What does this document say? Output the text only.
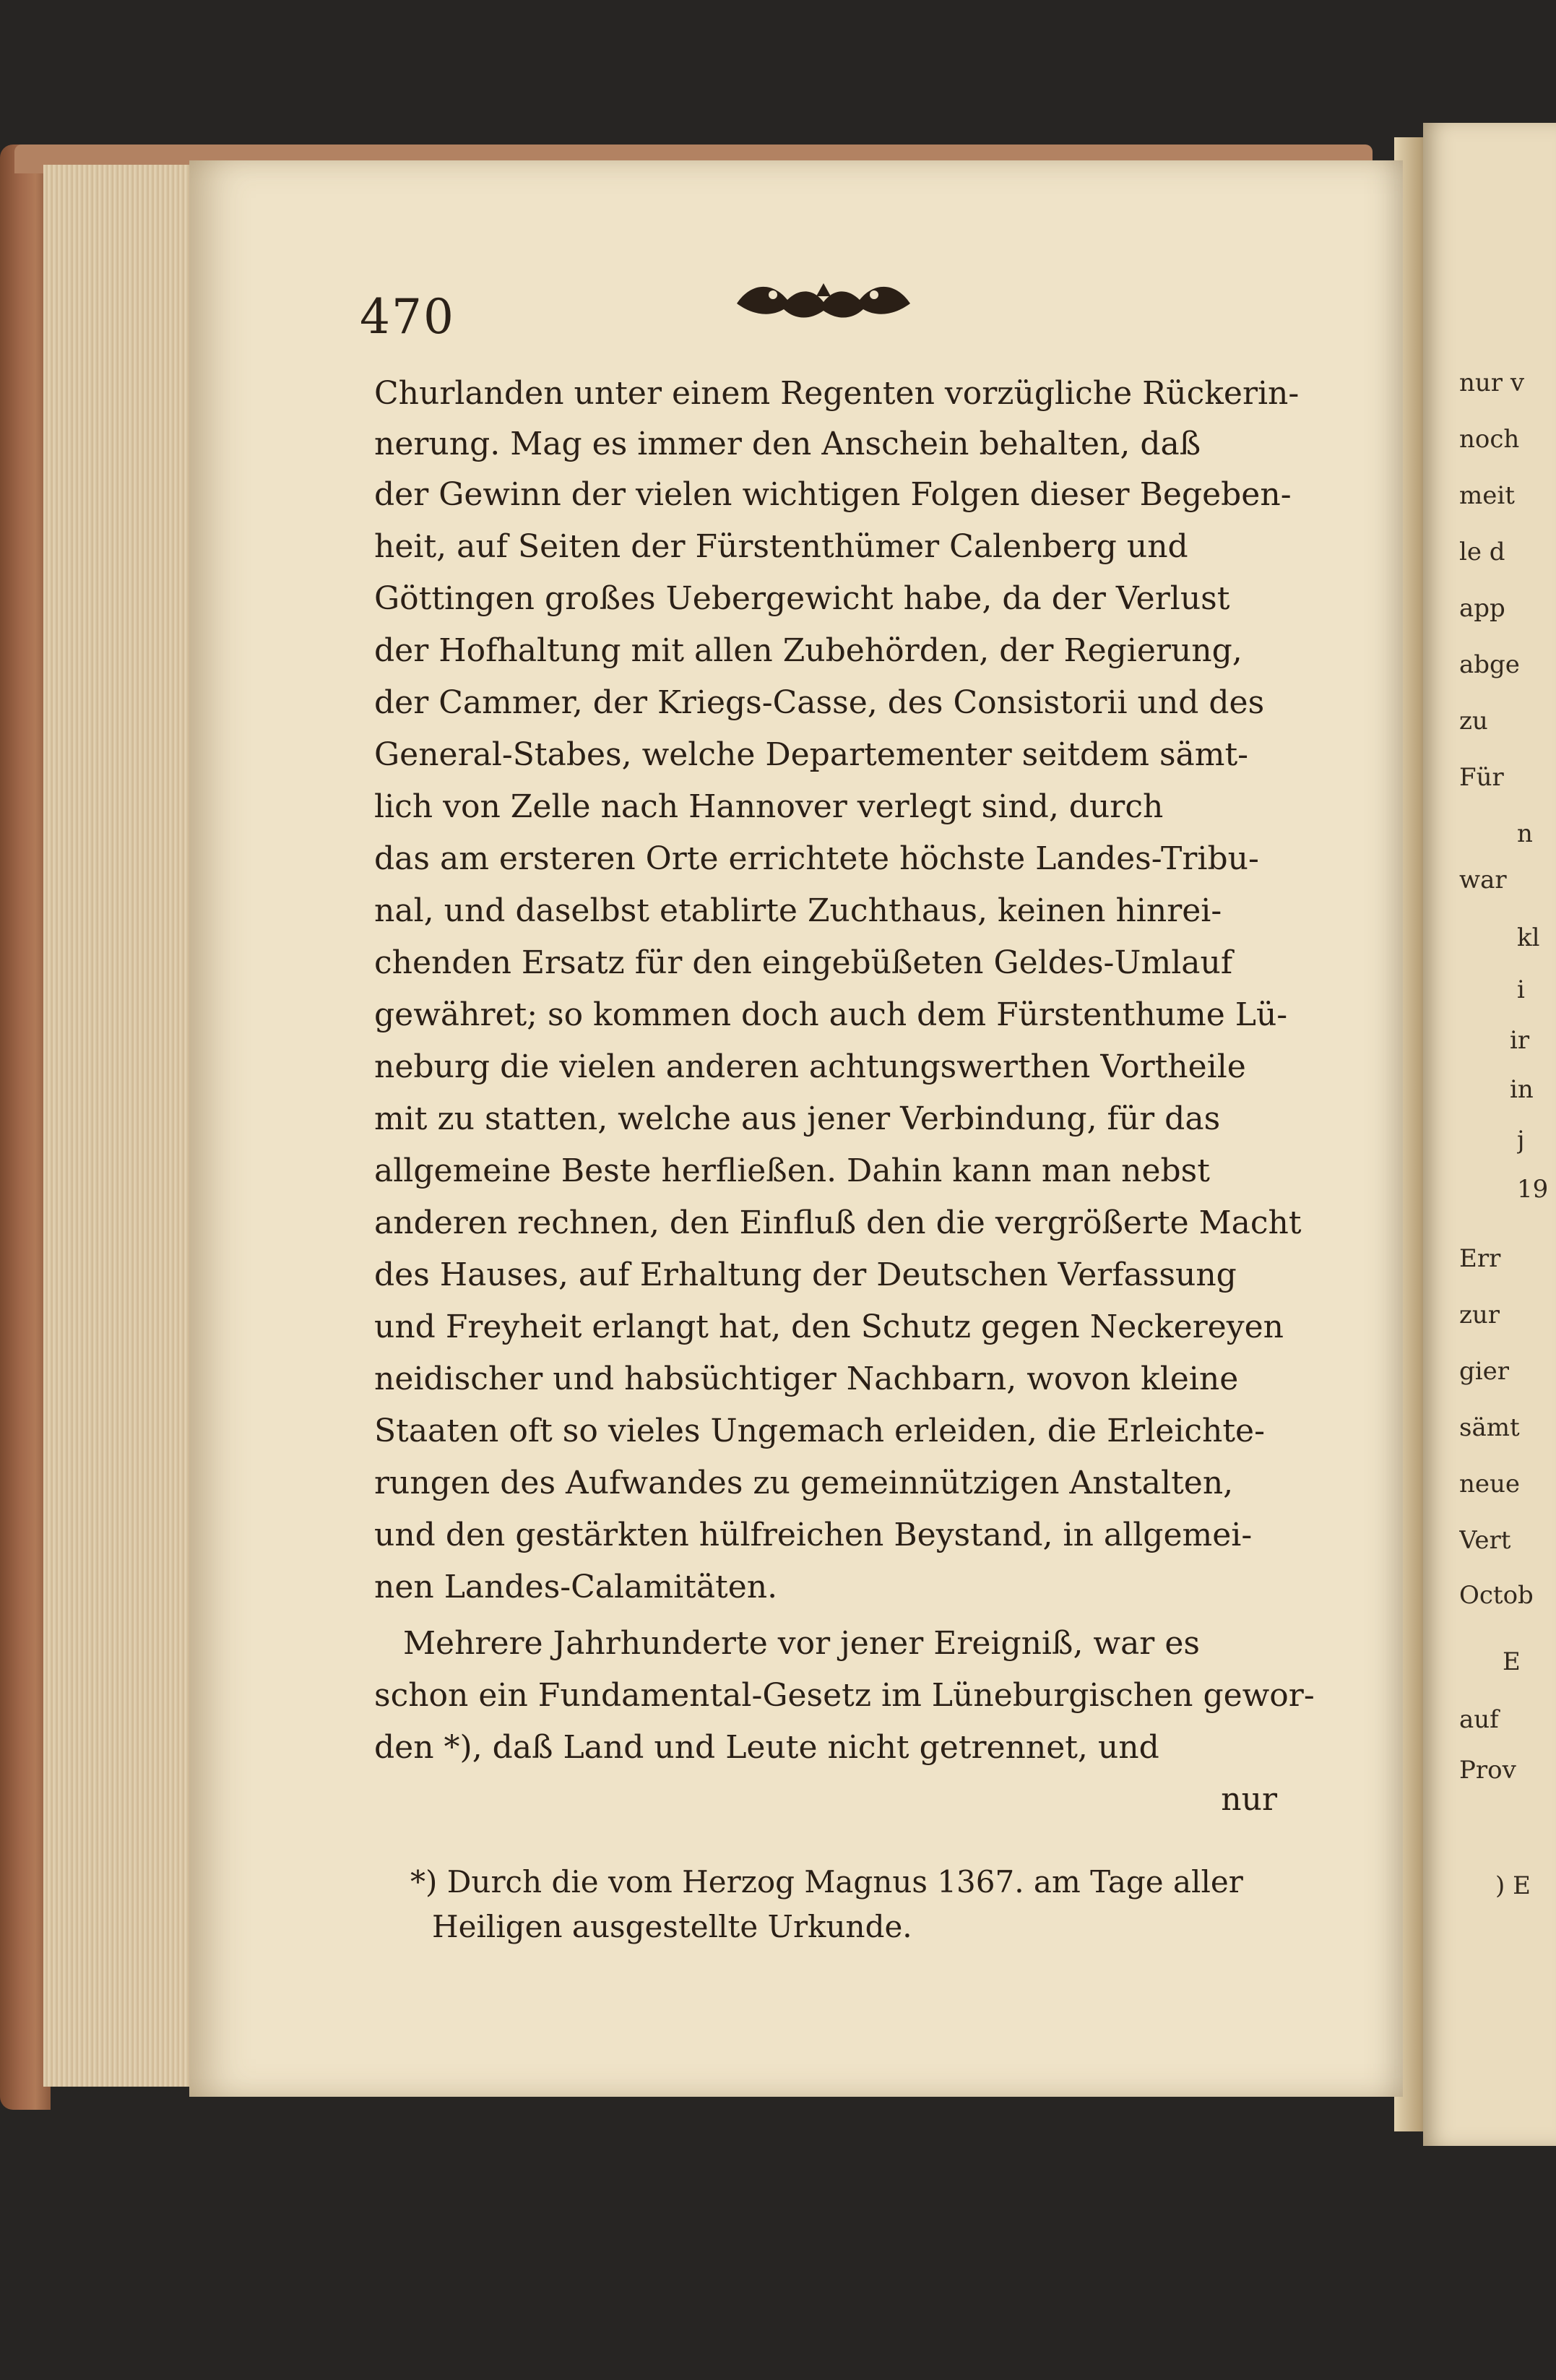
470
Churlanden unter einem Regenten vorzügliche Rückerin-
nerung. Mag es immer den Anschein behalten, daß
der Gewinn der vielen wichtigen Folgen dieser Begeben-
heit, auf Seiten der Fürstenthümer Calenberg und
Göttingen großes Uebergewicht habe, da der Verlust
der Hofhaltung mit allen Zubehörden, der Regierung,
der Cammer, der Kriegs-Casse, des Consistorii und des
General-Stabes, welche Departementer seitdem sämt-
lich von Zelle nach Hannover verlegt sind, durch
das am ersteren Orte errichtete höchste Landes-Tribu-
nal, und daselbst etablirte Zuchthaus, keinen hinrei-
chenden Ersatz für den eingebüßeten Geldes-Umlauf
gewähret; so kommen doch auch dem Fürstenthume Lü-
neburg die vielen anderen achtungswerthen Vortheile
mit zu statten, welche aus jener Verbindung, für das
allgemeine Beste herfließen. Dahin kann man nebst
anderen rechnen, den Einfluß den die vergrößerte Macht
des Hauses, auf Erhaltung der Deutschen Verfassung
und Freyheit erlangt hat, den Schutz gegen Neckereyen
neidischer und habsüchtiger Nachbarn, wovon kleine
Staaten oft so vieles Ungemach erleiden, die Erleichte-
rungen des Aufwandes zu gemeinnützigen Anstalten,
und den gestärkten hülfreichen Beystand, in allgemei-
nen Landes-Calamitäten.
Mehrere Jahrhunderte vor jener Ereigniß, war es
schon ein Fundamental-Gesetz im Lüneburgischen gewor-
den *), daß Land und Leute nicht getrennet, und
nur
*) Durch die vom Herzog Magnus 1367. am Tage aller
Heiligen ausgestellte Urkunde.
nur v
noch
meit
le d
app
abge
zu
Für
n
war
kl
i
ir
in
j
19
Err
zur
gier
sämt
neue
Vert
Octob
E
auf
Prov
) E
